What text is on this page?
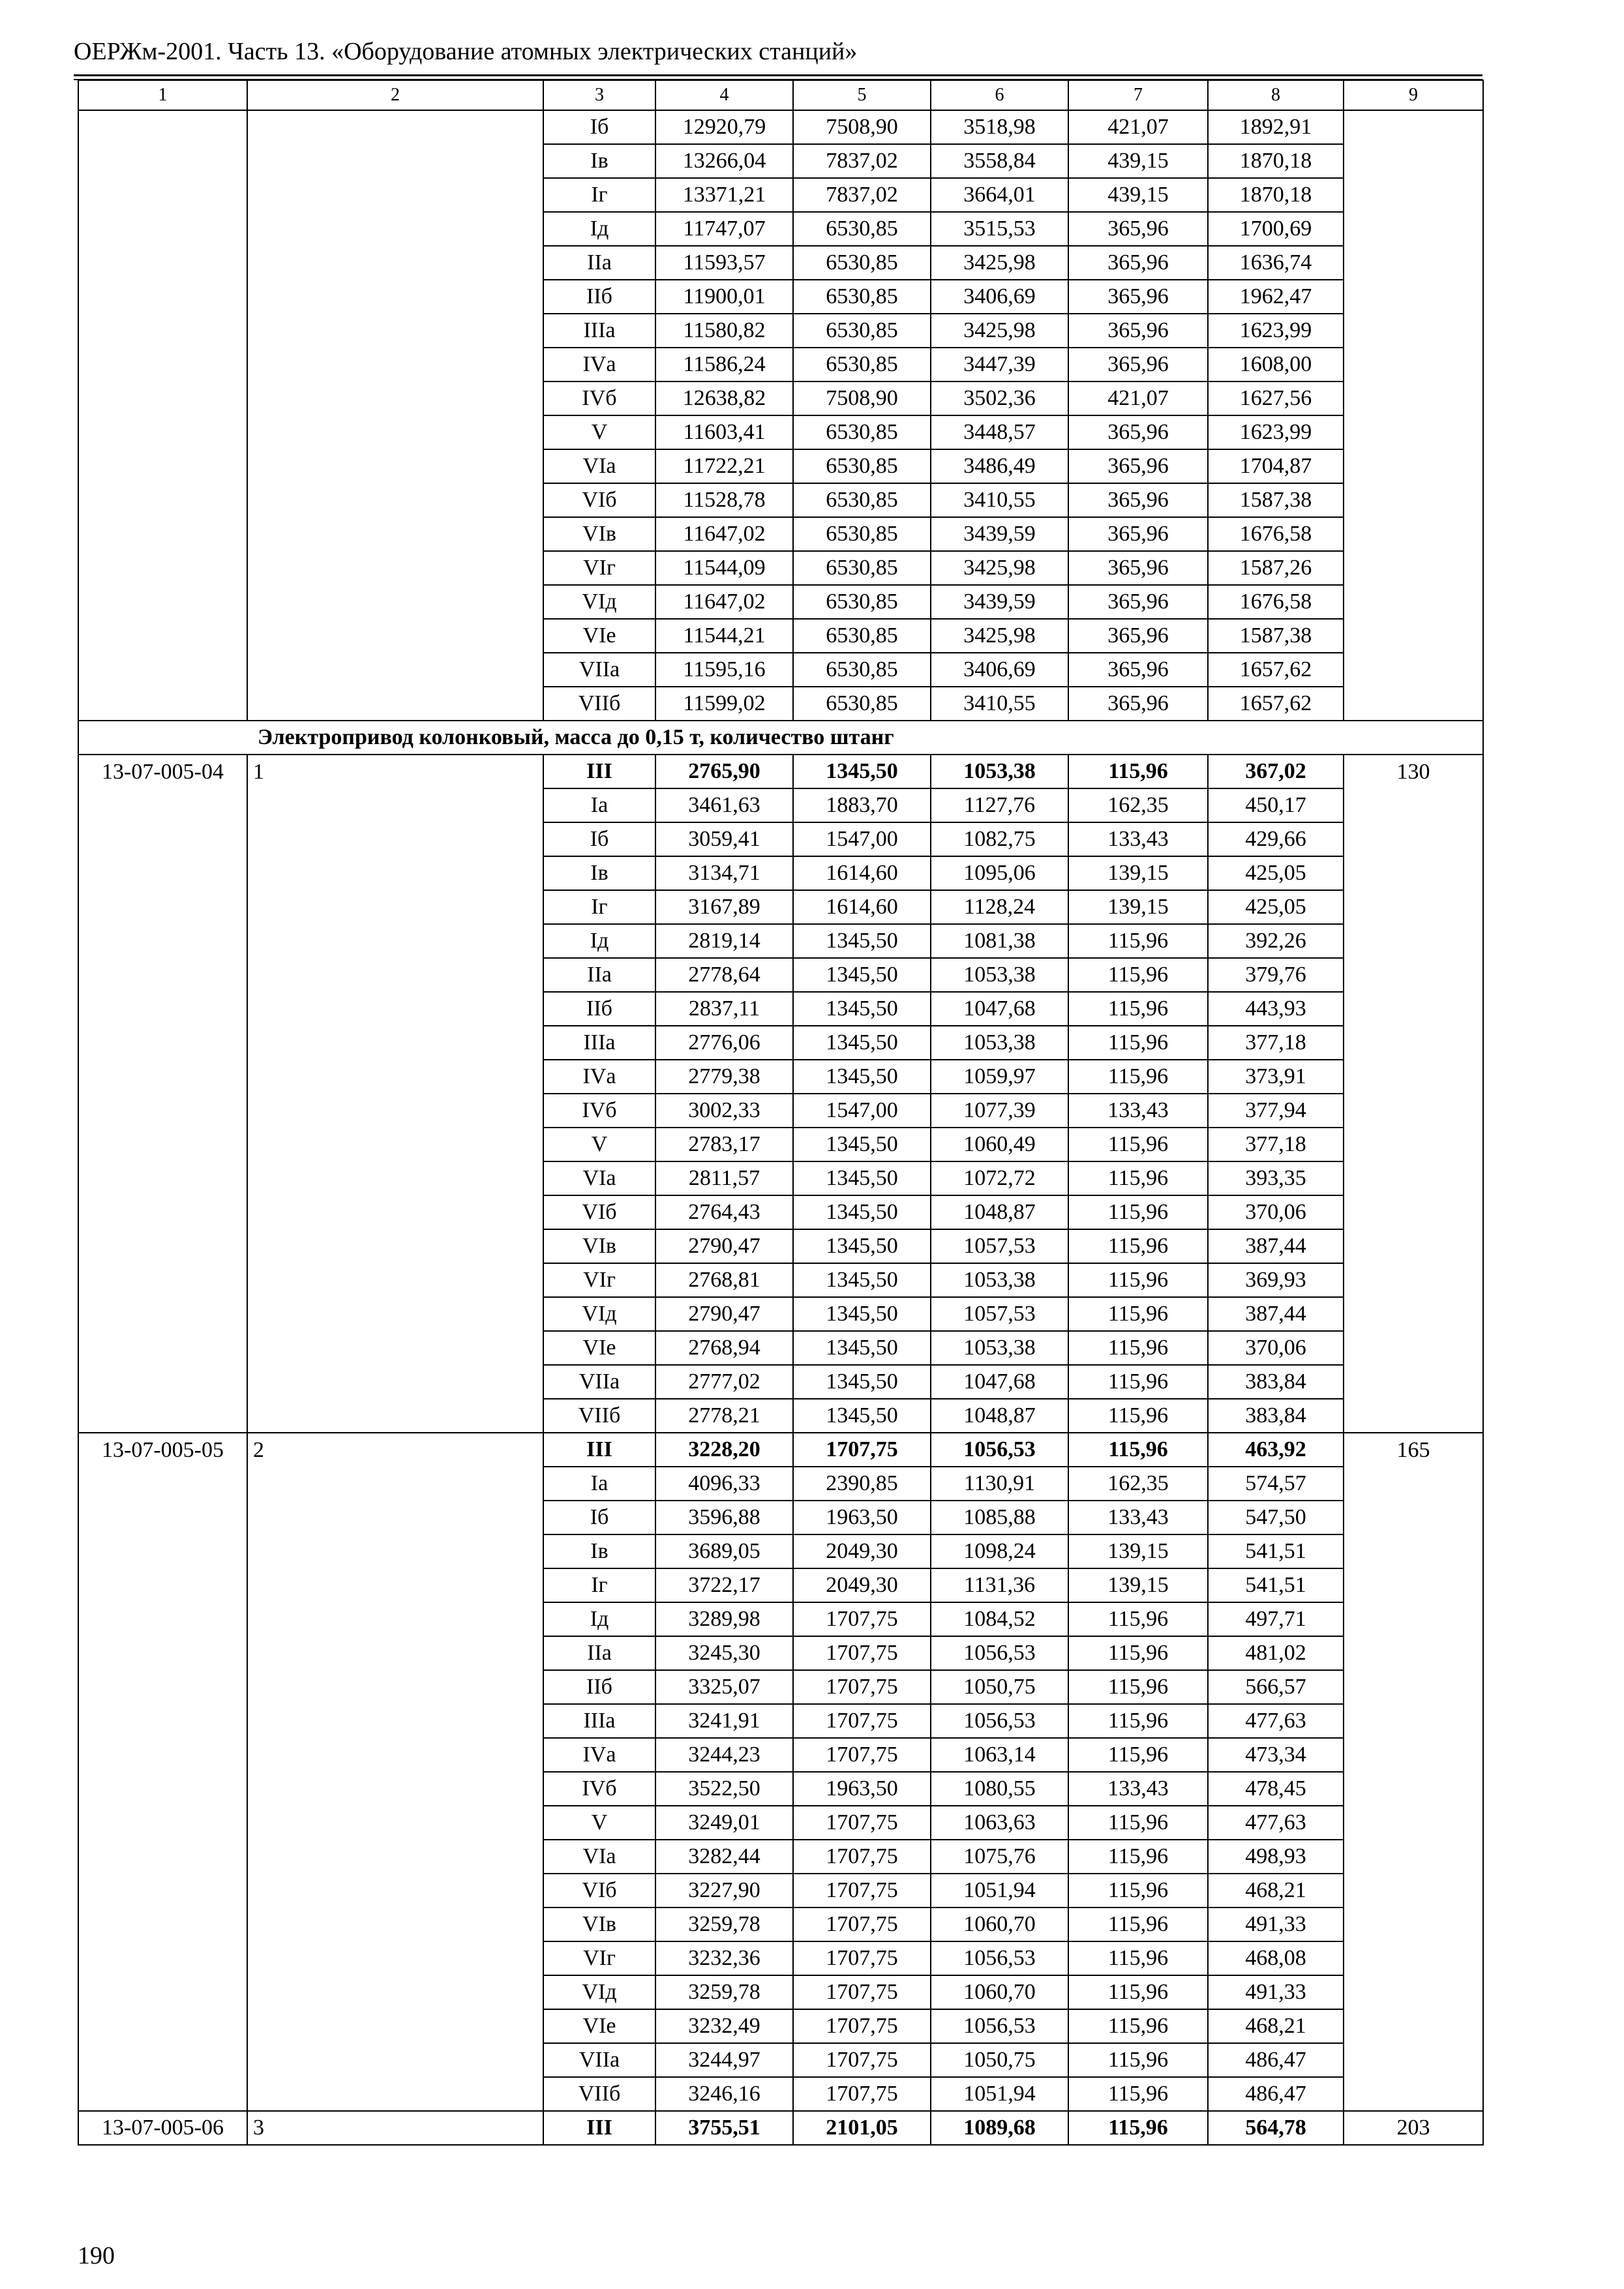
ОЕРЖм-2001. Часть 13. «Оборудование атомных электрических станций»
1	2	3	4	5	6	7	8	9
		Iб	12920,79	7508,90	3518,98	421,07	1892,91	
		Iв	13266,04	7837,02	3558,84	439,15	1870,18	
		Iг	13371,21	7837,02	3664,01	439,15	1870,18	
		Iд	11747,07	6530,85	3515,53	365,96	1700,69	
		IIа	11593,57	6530,85	3425,98	365,96	1636,74	
		IIб	11900,01	6530,85	3406,69	365,96	1962,47	
		IIIа	11580,82	6530,85	3425,98	365,96	1623,99	
		IVа	11586,24	6530,85	3447,39	365,96	1608,00	
		IVб	12638,82	7508,90	3502,36	421,07	1627,56	
		V	11603,41	6530,85	3448,57	365,96	1623,99	
		VIа	11722,21	6530,85	3486,49	365,96	1704,87	
		VIб	11528,78	6530,85	3410,55	365,96	1587,38	
		VIв	11647,02	6530,85	3439,59	365,96	1676,58	
		VIг	11544,09	6530,85	3425,98	365,96	1587,26	
		VIд	11647,02	6530,85	3439,59	365,96	1676,58	
		VIе	11544,21	6530,85	3425,98	365,96	1587,38	
		VIIа	11595,16	6530,85	3406,69	365,96	1657,62	
		VIIб	11599,02	6530,85	3410,55	365,96	1657,62	
Электропривод колонковый, масса до 0,15 т, количество штанг								
13-07-005-04	1	III	2765,90	1345,50	1053,38	115,96	367,02	130
		Iа	3461,63	1883,70	1127,76	162,35	450,17	
		Iб	3059,41	1547,00	1082,75	133,43	429,66	
		Iв	3134,71	1614,60	1095,06	139,15	425,05	
		Iг	3167,89	1614,60	1128,24	139,15	425,05	
		Iд	2819,14	1345,50	1081,38	115,96	392,26	
		IIа	2778,64	1345,50	1053,38	115,96	379,76	
		IIб	2837,11	1345,50	1047,68	115,96	443,93	
		IIIа	2776,06	1345,50	1053,38	115,96	377,18	
		IVа	2779,38	1345,50	1059,97	115,96	373,91	
		IVб	3002,33	1547,00	1077,39	133,43	377,94	
		V	2783,17	1345,50	1060,49	115,96	377,18	
		VIа	2811,57	1345,50	1072,72	115,96	393,35	
		VIб	2764,43	1345,50	1048,87	115,96	370,06	
		VIв	2790,47	1345,50	1057,53	115,96	387,44	
		VIг	2768,81	1345,50	1053,38	115,96	369,93	
		VIд	2790,47	1345,50	1057,53	115,96	387,44	
		VIе	2768,94	1345,50	1053,38	115,96	370,06	
		VIIа	2777,02	1345,50	1047,68	115,96	383,84	
		VIIб	2778,21	1345,50	1048,87	115,96	383,84	
13-07-005-05	2	III	3228,20	1707,75	1056,53	115,96	463,92	165
		Iа	4096,33	2390,85	1130,91	162,35	574,57	
		Iб	3596,88	1963,50	1085,88	133,43	547,50	
		Iв	3689,05	2049,30	1098,24	139,15	541,51	
		Iг	3722,17	2049,30	1131,36	139,15	541,51	
		Iд	3289,98	1707,75	1084,52	115,96	497,71	
		IIа	3245,30	1707,75	1056,53	115,96	481,02	
		IIб	3325,07	1707,75	1050,75	115,96	566,57	
		IIIа	3241,91	1707,75	1056,53	115,96	477,63	
		IVа	3244,23	1707,75	1063,14	115,96	473,34	
		IVб	3522,50	1963,50	1080,55	133,43	478,45	
		V	3249,01	1707,75	1063,63	115,96	477,63	
		VIа	3282,44	1707,75	1075,76	115,96	498,93	
		VIб	3227,90	1707,75	1051,94	115,96	468,21	
		VIв	3259,78	1707,75	1060,70	115,96	491,33	
		VIг	3232,36	1707,75	1056,53	115,96	468,08	
		VIд	3259,78	1707,75	1060,70	115,96	491,33	
		VIе	3232,49	1707,75	1056,53	115,96	468,21	
		VIIа	3244,97	1707,75	1050,75	115,96	486,47	
		VIIб	3246,16	1707,75	1051,94	115,96	486,47	
13-07-005-06	3	III	3755,51	2101,05	1089,68	115,96	564,78	203
190
